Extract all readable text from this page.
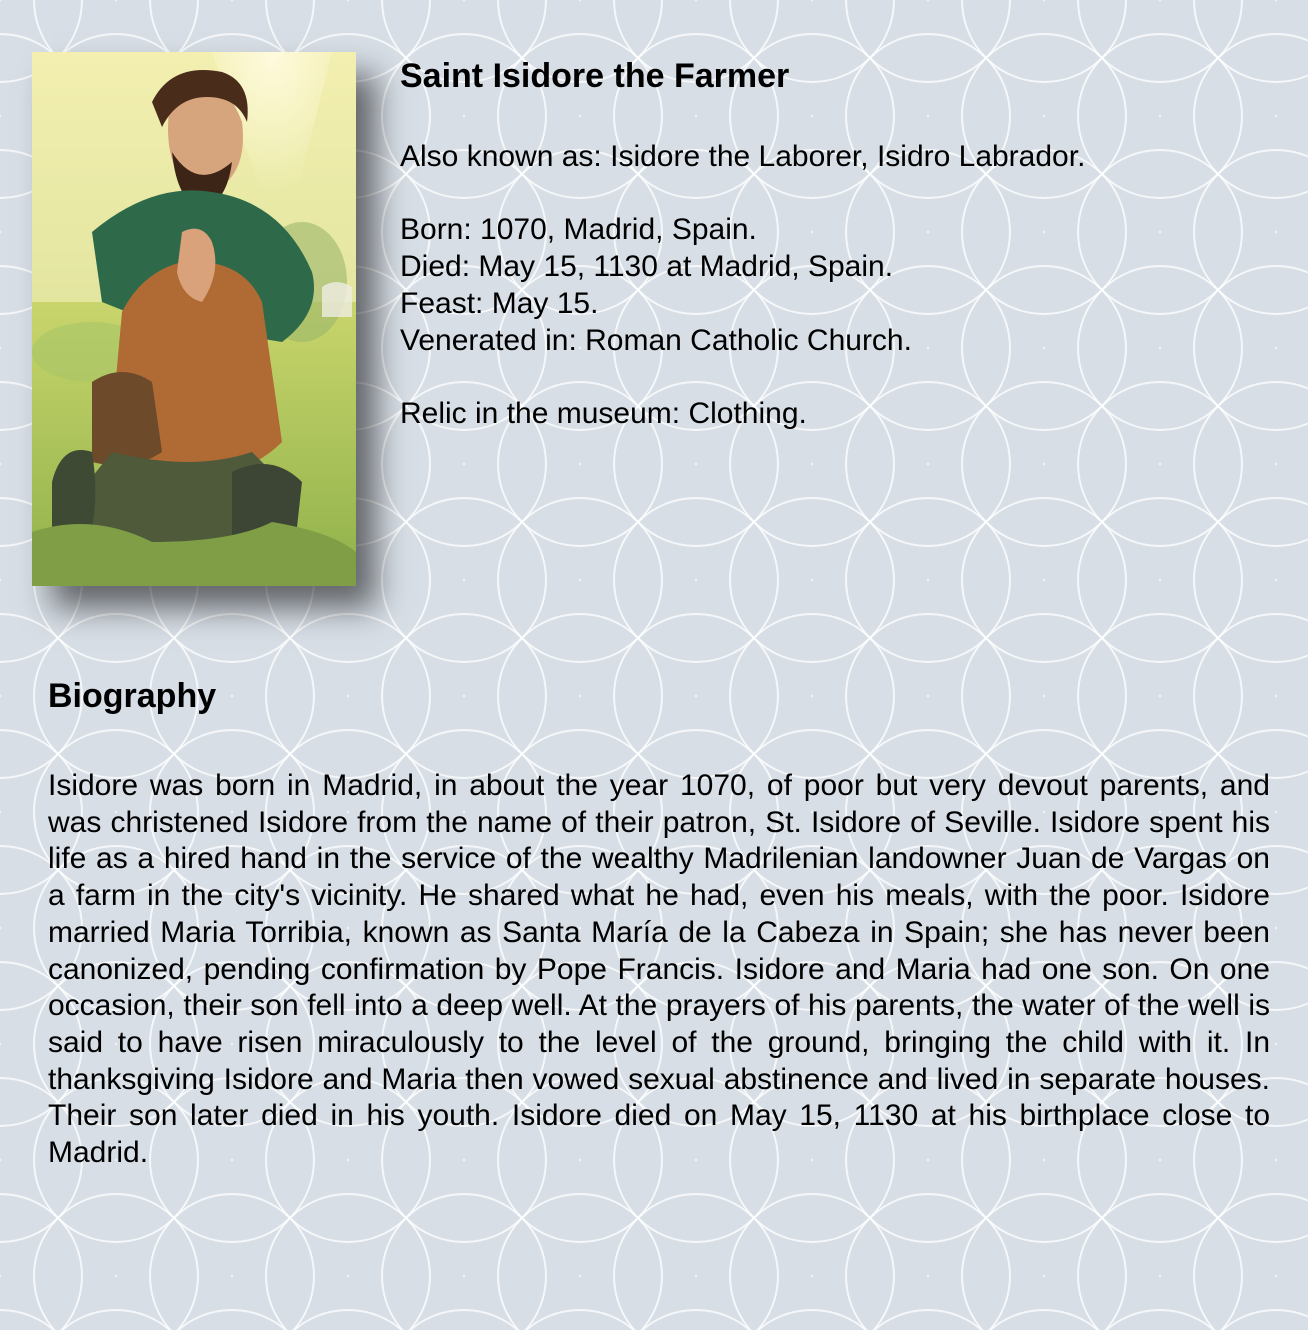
Saint Isidore the Farmer

Also known as: Isidore the Laborer, Isidro Labrador.

Born: 1070, Madrid, Spain.

Died: May 15, 1130 at Madrid, Spain.

Feast: May 15.

Venerated in: Roman Catholic Church.

Relic in the museum: Clothing.

Biography

Isidore was born in Madrid, in about the year 1070, of poor but very devout parents, and was christened Isidore from the name of their patron, St. Isidore of Seville. Isidore spent his life as a hired hand in the service of the wealthy Madrilenian landowner Juan de Vargas on a farm in the city's vicinity. He shared what he had, even his meals, with the poor. Isidore married Maria Torribia, known as Santa María de la Cabeza in Spain; she has never been canonized, pending confirmation by Pope Francis. Isidore and Maria had one son. On one occasion, their son fell into a deep well. At the prayers of his parents, the water of the well is said to have risen miraculously to the level of the ground, bringing the child with it. In thanksgiving Isidore and Maria then vowed sexual abstinence and lived in separate houses. Their son later died in his youth. Isidore died on May 15, 1130 at his birthplace close to Madrid.
